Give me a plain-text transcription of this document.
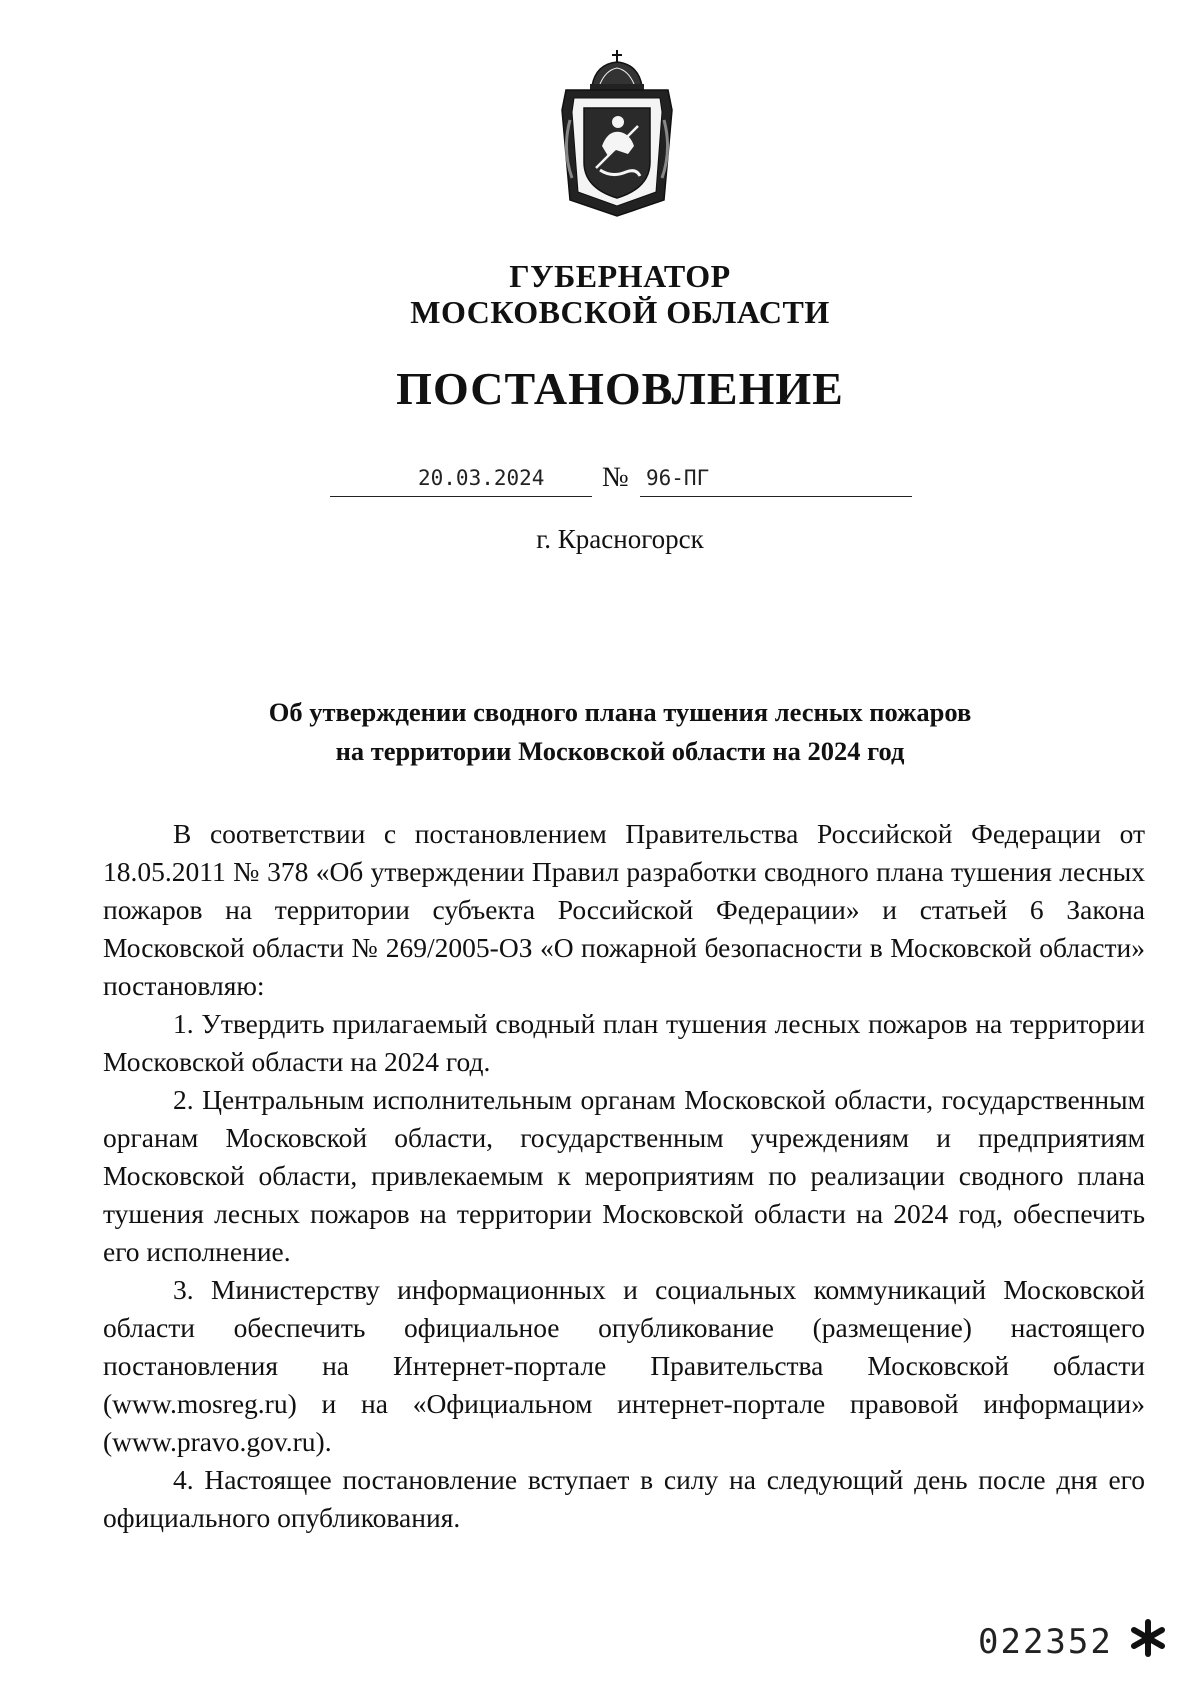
ГУБЕРНАТОР
МОСКОВСКОЙ ОБЛАСТИ
ПОСТАНОВЛЕНИЕ
20.03.2024 № 96-ПГ
г. Красногорск
Об утверждении сводного плана тушения лесных пожаров
на территории Московской области на 2024 год

В соответствии с постановлением Правительства Российской Федерации от 18.05.2011 № 378 «Об утверждении Правил разработки сводного плана тушения лесных пожаров на территории субъекта Российской Федерации» и статьей 6 Закона Московской области № 269/2005-ОЗ «О пожарной безопасности в Московской области» постановляю:

1. Утвердить прилагаемый сводный план тушения лесных пожаров на территории Московской области на 2024 год.

2. Центральным исполнительным органам Московской области, государственным органам Московской области, государственным учреждениям и предприятиям Московской области, привлекаемым к мероприятиям по реализации сводного плана тушения лесных пожаров на территории Московской области на 2024 год, обеспечить его исполнение.

3. Министерству информационных и социальных коммуникаций Московской области обеспечить официальное опубликование (размещение) настоящего постановления на Интернет-портале Правительства Московской области (www.mosreg.ru) и на «Официальном интернет-портале правовой информации» (www.pravo.gov.ru).

4. Настоящее постановление вступает в силу на следующий день после дня его официального опубликования.

022352
